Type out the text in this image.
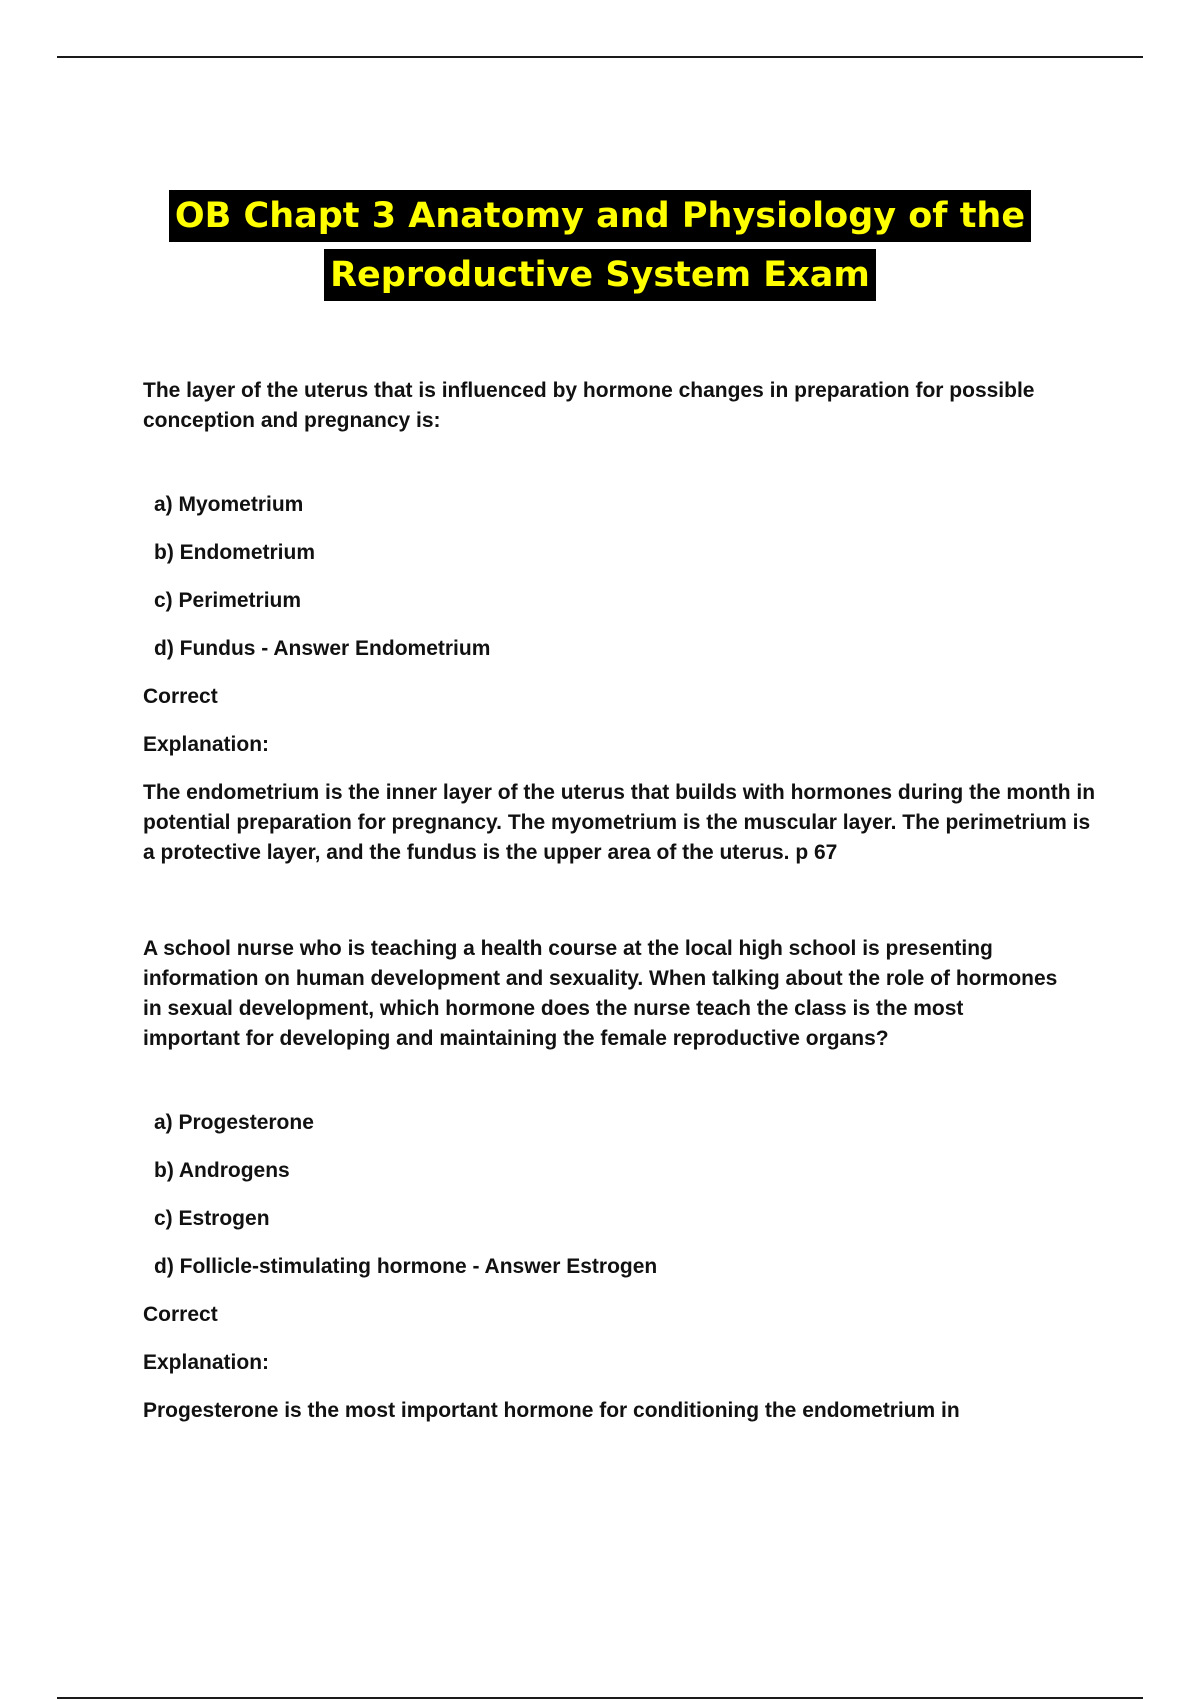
OB Chapt 3 Anatomy and Physiology of the
Reproductive System Exam

The layer of the uterus that is influenced by hormone changes in preparation for possible conception and pregnancy is:

a) Myometrium
b) Endometrium
c) Perimetrium
d) Fundus - Answer Endometrium

Correct

Explanation:

The endometrium is the inner layer of the uterus that builds with hormones during the month in potential preparation for pregnancy. The myometrium is the muscular layer. The perimetrium is a protective layer, and the fundus is the upper area of the uterus. p 67

A school nurse who is teaching a health course at the local high school is presenting information on human development and sexuality. When talking about the role of hormones in sexual development, which hormone does the nurse teach the class is the most important for developing and maintaining the female reproductive organs?

a) Progesterone
b) Androgens
c) Estrogen
d) Follicle-stimulating hormone - Answer Estrogen

Correct

Explanation:

Progesterone is the most important hormone for conditioning the endometrium in
